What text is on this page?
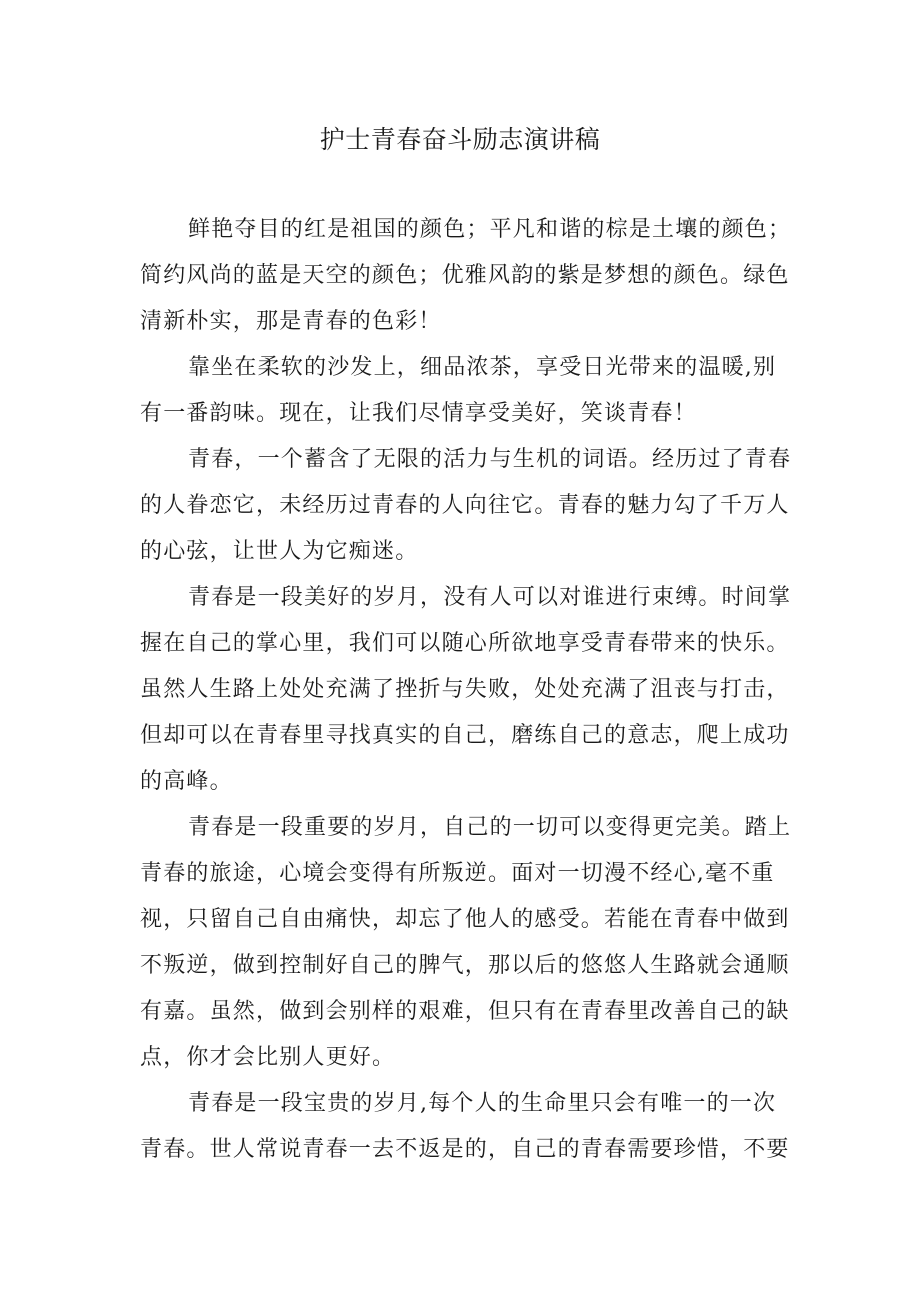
护士青春奋斗励志演讲稿

鲜艳夺目的红是祖国的颜色；平凡和谐的棕是土壤的颜色；
简约风尚的蓝是天空的颜色；优雅风韵的紫是梦想的颜色。绿色
清新朴实，那是青春的色彩！

靠坐在柔软的沙发上，细品浓茶，享受日光带来的温暖,别
有一番韵味。现在，让我们尽情享受美好，笑谈青春！

青春，一个蓄含了无限的活力与生机的词语。经历过了青春
的人眷恋它，未经历过青春的人向往它。青春的魅力勾了千万人
的心弦，让世人为它痴迷。

青春是一段美好的岁月，没有人可以对谁进行束缚。时间掌
握在自己的掌心里，我们可以随心所欲地享受青春带来的快乐。
虽然人生路上处处充满了挫折与失败，处处充满了沮丧与打击，
但却可以在青春里寻找真实的自己，磨练自己的意志，爬上成功
的高峰。

青春是一段重要的岁月，自己的一切可以变得更完美。踏上
青春的旅途，心境会变得有所叛逆。面对一切漫不经心,毫不重
视，只留自己自由痛快，却忘了他人的感受。若能在青春中做到
不叛逆，做到控制好自己的脾气，那以后的悠悠人生路就会通顺
有嘉。虽然，做到会别样的艰难，但只有在青春里改善自己的缺
点，你才会比别人更好。

青春是一段宝贵的岁月,每个人的生命里只会有唯一的一次
青春。世人常说青春一去不返是的，自己的青春需要珍惜，不要
